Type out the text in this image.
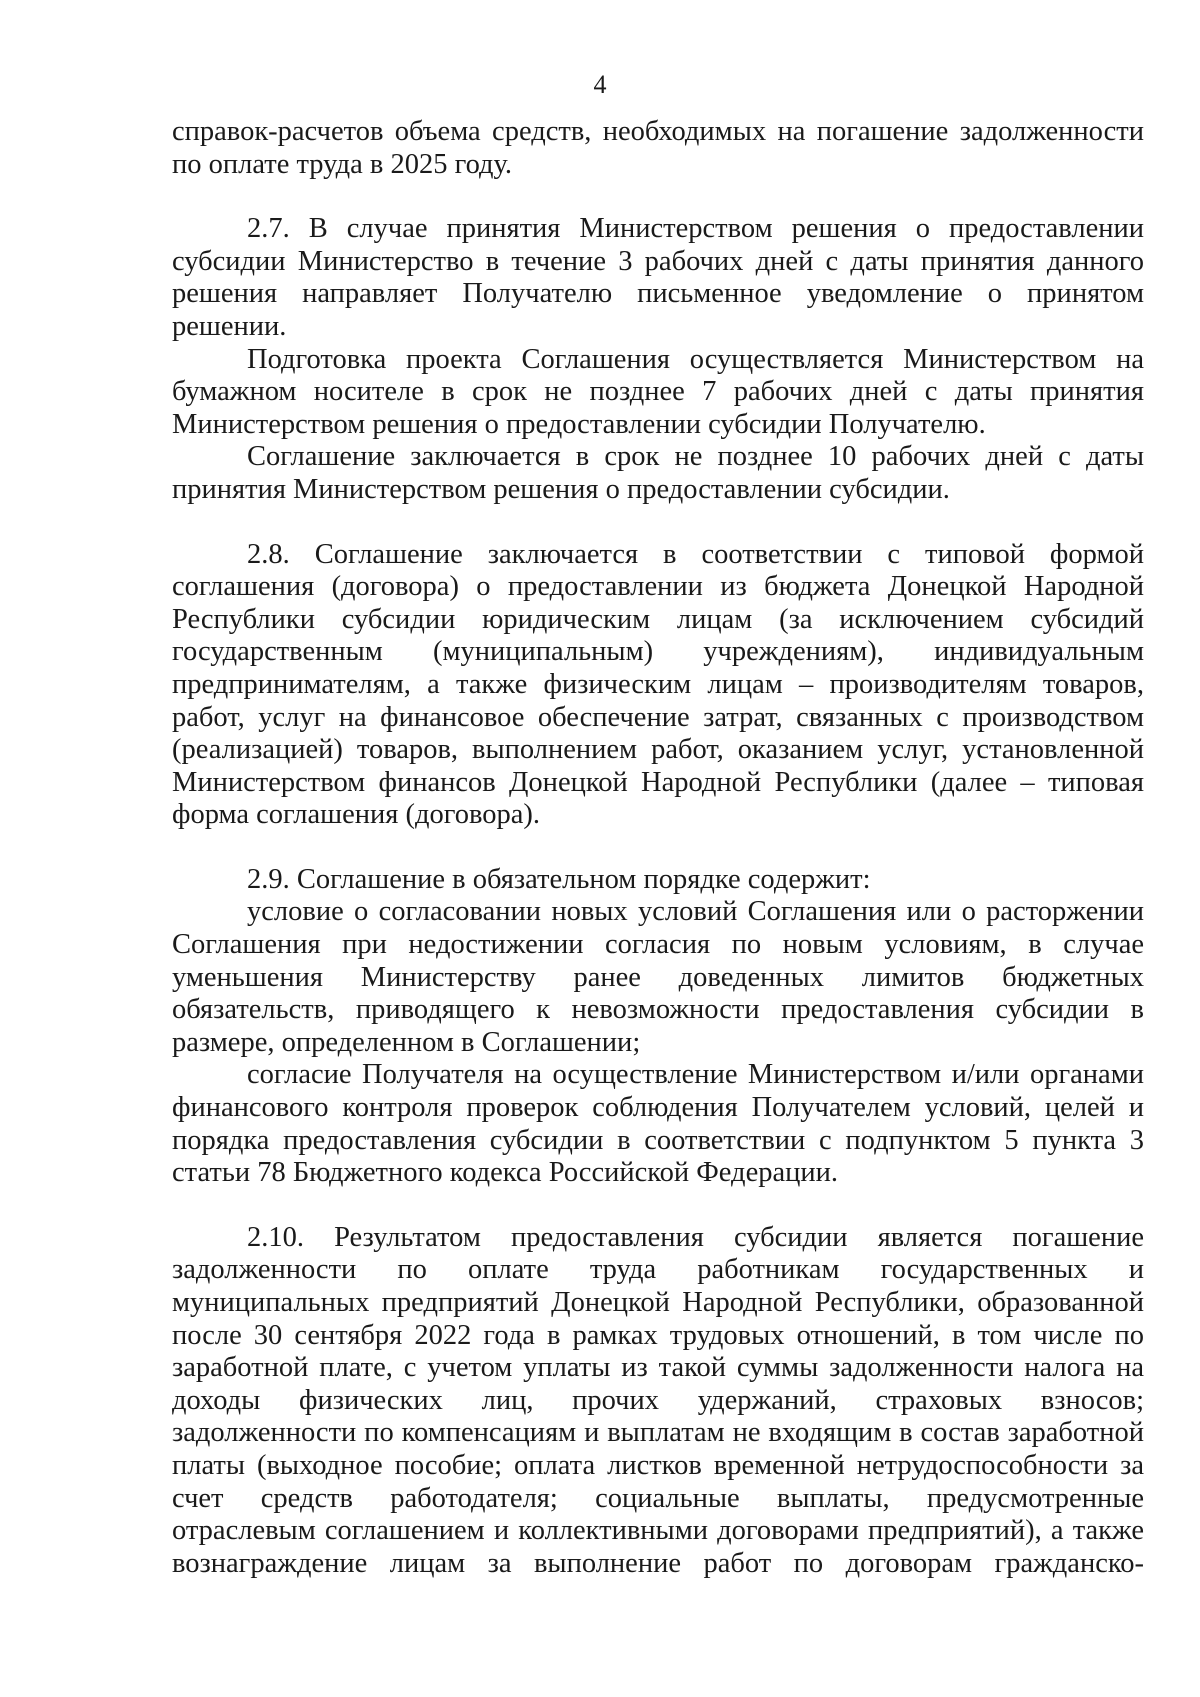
4

справок-расчетов объема средств, необходимых на погашение задолженности по оплате труда в 2025 году.

2.7. В случае принятия Министерством решения о предоставлении субсидии Министерство в течение 3 рабочих дней с даты принятия данного решения направляет Получателю письменное уведомление о принятом решении.

Подготовка проекта Соглашения осуществляется Министерством на бумажном носителе в срок не позднее 7 рабочих дней с даты принятия Министерством решения о предоставлении субсидии Получателю.

Соглашение заключается в срок не позднее 10 рабочих дней с даты принятия Министерством решения о предоставлении субсидии.

2.8. Соглашение заключается в соответствии с типовой формой соглашения (договора) о предоставлении из бюджета Донецкой Народной Республики субсидии юридическим лицам (за исключением субсидий государственным (муниципальным) учреждениям), индивидуальным предпринимателям, а также физическим лицам – производителям товаров, работ, услуг на финансовое обеспечение затрат, связанных с производством (реализацией) товаров, выполнением работ, оказанием услуг, установленной Министерством финансов Донецкой Народной Республики (далее – типовая форма соглашения (договора).

2.9. Соглашение в обязательном порядке содержит:

условие о согласовании новых условий Соглашения или о расторжении Соглашения при недостижении согласия по новым условиям, в случае уменьшения Министерству ранее доведенных лимитов бюджетных обязательств, приводящего к невозможности предоставления субсидии в размере, определенном в Соглашении;

согласие Получателя на осуществление Министерством и/или органами финансового контроля проверок соблюдения Получателем условий, целей и порядка предоставления субсидии в соответствии с подпунктом 5 пункта 3 статьи 78 Бюджетного кодекса Российской Федерации.

2.10. Результатом предоставления субсидии является погашение задолженности по оплате труда работникам государственных и муниципальных предприятий Донецкой Народной Республики, образованной после 30 сентября 2022 года в рамках трудовых отношений, в том числе по заработной плате, с учетом уплаты из такой суммы задолженности налога на доходы физических лиц, прочих удержаний, страховых взносов; задолженности по компенсациям и выплатам не входящим в состав заработной платы (выходное пособие; оплата листков временной нетрудоспособности за счет средств работодателя; социальные выплаты, предусмотренные отраслевым соглашением и коллективными договорами предприятий), а также вознаграждение лицам за выполнение работ по договорам гражданско-
